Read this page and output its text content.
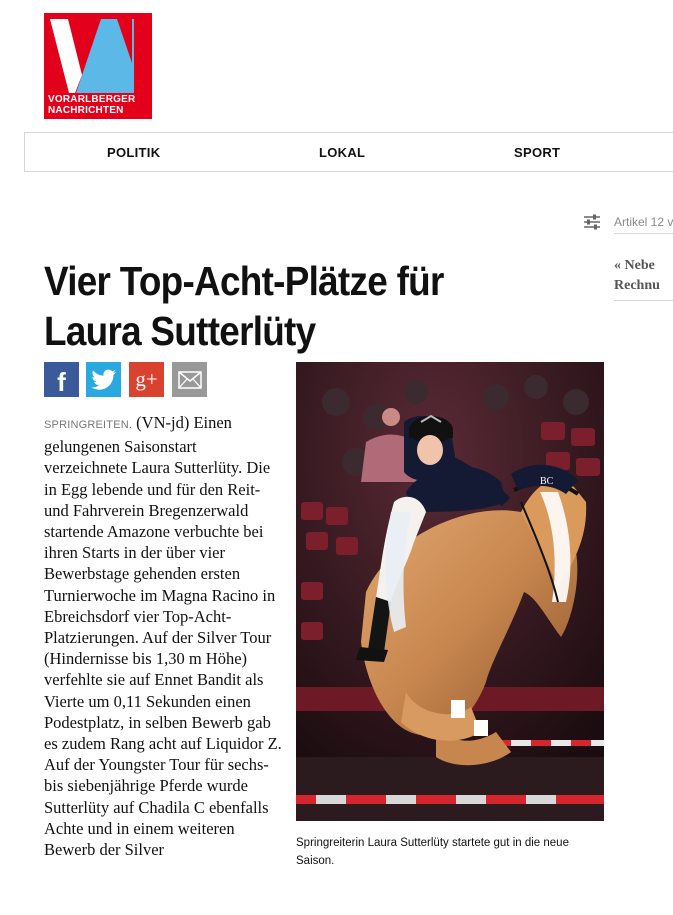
VORARLBERGER
NACHRICHTEN
POLITIK	LOKAL	SPORT
Artikel 12 v
Vier Top-Acht-Plätze für Laura Sutterlüty
f	g+

SPRINGREITEN. (VN-jd) Einen gelungenen Saisonstart verzeichnete Laura Sutterlüty. Die in Egg lebende und für den Reit- und Fahrverein Bregenzerwald startende Amazone verbuchte bei ihren Starts in der über vier Bewerbstage gehenden ersten Turnierwoche im Magna Racino in Ebreichsdorf vier Top-Acht-Platzierungen. Auf der Silver Tour (Hindernisse bis 1,30 m Höhe) verfehlte sie auf Ennet Bandit als Vierte um 0,11 Sekunden einen Podestplatz, in selben Bewerb gab es zudem Rang acht auf Liquidor Z. Auf der Youngster Tour für sechs- bis siebenjährige Pferde wurde Sutterlüty auf Chadila C ebenfalls Achte und in einem weiteren Bewerb der Silver

BC

Springreiterin Laura Sutterlüty startete gut in die neue Saison.

« Nebe
Rechnu
